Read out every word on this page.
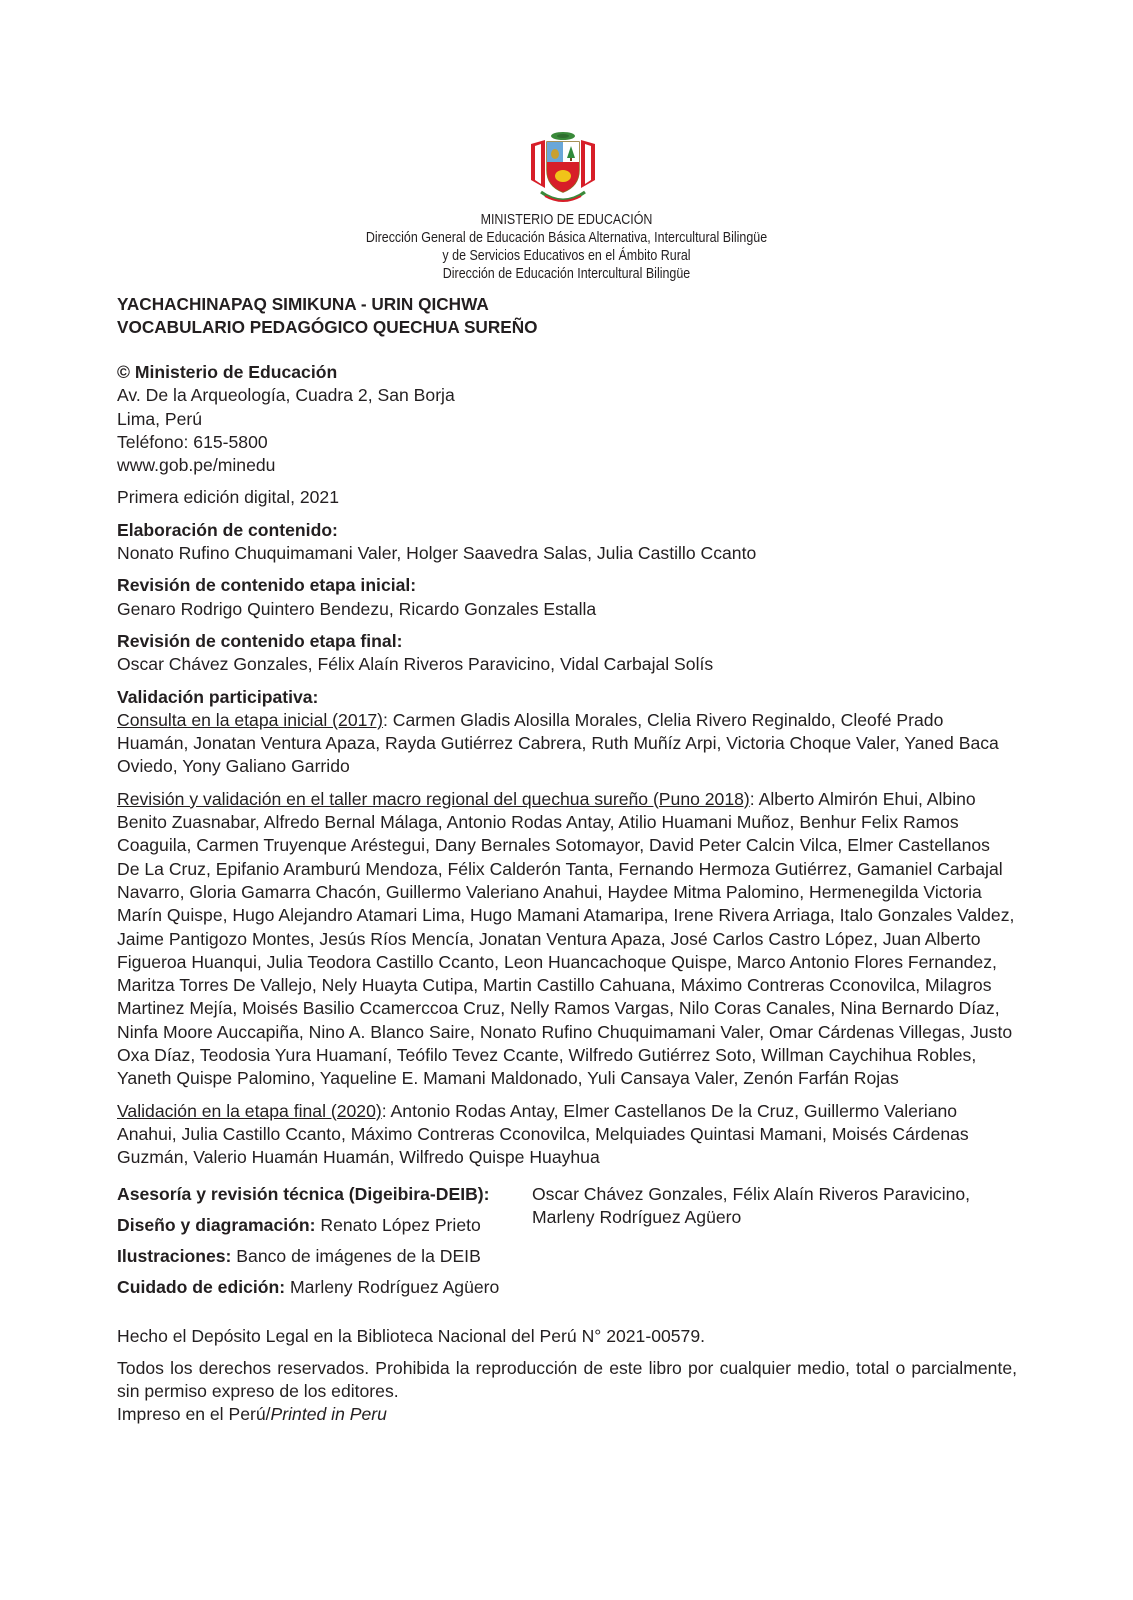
MINISTERIO DE EDUCACIÓN
Dirección General de Educación Básica Alternativa, Intercultural Bilingüe
y de Servicios Educativos en el Ámbito Rural
Dirección de Educación Intercultural Bilingüe

YACHACHINAPAQ SIMIKUNA - URIN QICHWA

VOCABULARIO PEDAGÓGICO QUECHUA SUREÑO

© Ministerio de Educación

Av. De la Arqueología, Cuadra 2, San Borja

Lima, Perú

Teléfono: 615-5800

www.gob.pe/minedu

Primera edición digital, 2021

Elaboración de contenido:

Nonato Rufino Chuquimamani Valer, Holger Saavedra Salas, Julia Castillo Ccanto

Revisión de contenido etapa inicial:

Genaro Rodrigo Quintero Bendezu, Ricardo Gonzales Estalla

Revisión de contenido etapa final:

Oscar Chávez Gonzales, Félix Alaín Riveros Paravicino, Vidal Carbajal Solís

Validación participativa:

Consulta en la etapa inicial (2017): Carmen Gladis Alosilla Morales, Clelia Rivero Reginaldo, Cleofé Prado Huamán, Jonatan Ventura Apaza, Rayda Gutiérrez Cabrera, Ruth Muñíz Arpi, Victoria Choque Valer, Yaned Baca Oviedo, Yony Galiano Garrido

Revisión y validación en el taller macro regional del quechua sureño (Puno 2018): Alberto Almirón Ehui, Albino Benito Zuasnabar, Alfredo Bernal Málaga, Antonio Rodas Antay, Atilio Huamani Muñoz, Benhur Felix Ramos Coaguila, Carmen Truyenque Aréstegui, Dany Bernales Sotomayor, David Peter Calcin Vilca, Elmer Castellanos De La Cruz, Epifanio Aramburú Mendoza, Félix Calderón Tanta, Fernando Hermoza Gutiérrez, Gamaniel Carbajal Navarro, Gloria Gamarra Chacón, Guillermo Valeriano Anahui, Haydee Mitma Palomino, Hermenegilda Victoria Marín Quispe, Hugo Alejandro Atamari Lima, Hugo Mamani Atamaripa, Irene Rivera Arriaga, Italo Gonzales Valdez, Jaime Pantigozo Montes, Jesús Ríos Mencía, Jonatan Ventura Apaza, José Carlos Castro López, Juan Alberto Figueroa Huanqui, Julia Teodora Castillo Ccanto, Leon Huancachoque Quispe, Marco Antonio Flores Fernandez, Maritza Torres De Vallejo, Nely Huayta Cutipa, Martin Castillo Cahuana, Máximo Contreras Cconovilca, Milagros Martinez Mejía, Moisés Basilio Ccamerccoa Cruz, Nelly Ramos Vargas, Nilo Coras Canales, Nina Bernardo Díaz, Ninfa Moore Auccapiña, Nino A. Blanco Saire, Nonato Rufino Chuquimamani Valer, Omar Cárdenas Villegas, Justo Oxa Díaz, Teodosia Yura Huamaní, Teófilo Tevez Ccante, Wilfredo Gutiérrez Soto, Willman Caychihua Robles, Yaneth Quispe Palomino, Yaqueline E. Mamani Maldonado, Yuli Cansaya Valer, Zenón Farfán Rojas

Validación en la etapa final (2020): Antonio Rodas Antay, Elmer Castellanos De la Cruz, Guillermo Valeriano Anahui, Julia Castillo Ccanto, Máximo Contreras Cconovilca, Melquiades Quintasi Mamani, Moisés Cárdenas Guzmán, Valerio Huamán Huamán, Wilfredo Quispe Huayhua

Asesoría y revisión técnica (Digeibira-DEIB): Oscar Chávez Gonzales, Félix Alaín Riveros Paravicino, Marleny Rodríguez Agüero
Diseño y diagramación: Renato López Prieto
Ilustraciones: Banco de imágenes de la DEIB
Cuidado de edición: Marleny Rodríguez Agüero

Hecho el Depósito Legal en la Biblioteca Nacional del Perú N° 2021-00579.

Todos los derechos reservados. Prohibida la reproducción de este libro por cualquier medio, total o parcialmente, sin permiso expreso de los editores.

Impreso en el Perú/Printed in Peru
